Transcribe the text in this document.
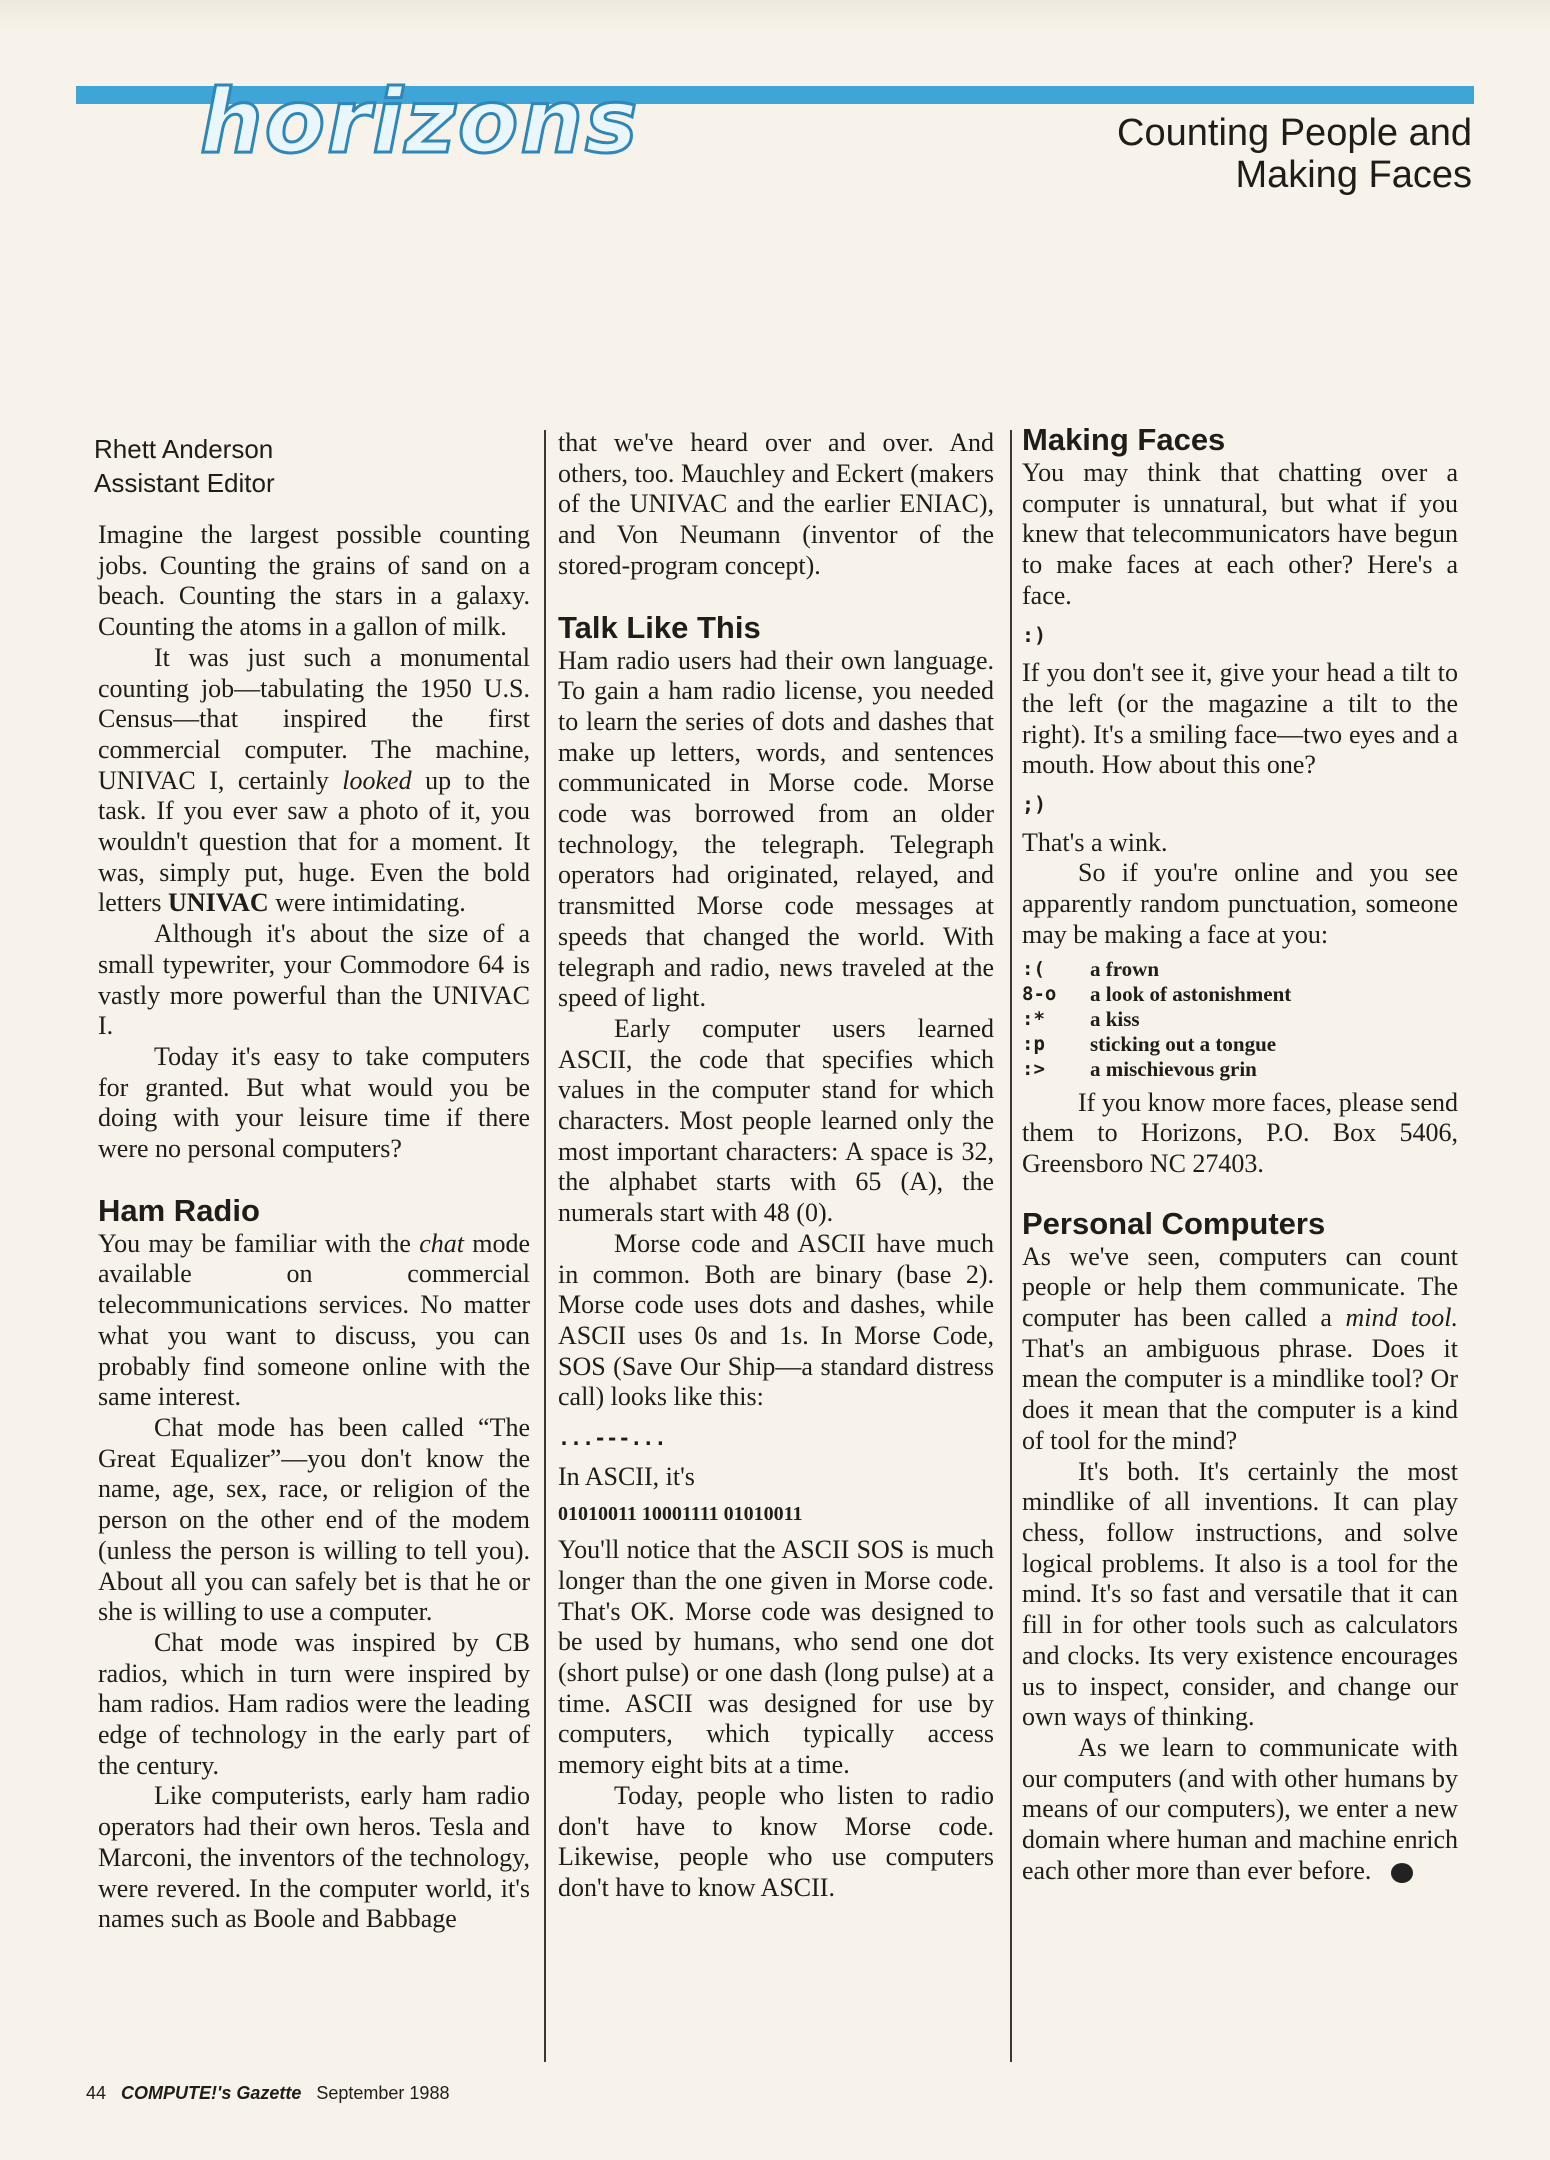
horizons	Counting People and
Making Faces
Rhett Anderson
Assistant Editor

Imagine the largest possible counting jobs. Counting the grains of sand on a beach. Counting the stars in a galaxy. Counting the atoms in a gallon of milk.

It was just such a monumental counting job—tabulating the 1950 U.S. Census—that inspired the first commercial computer. The machine, UNIVAC I, certainly looked up to the task. If you ever saw a photo of it, you wouldn't question that for a moment. It was, simply put, huge. Even the bold letters UNIVAC were intimidating.

Although it's about the size of a small typewriter, your Commodore 64 is vastly more powerful than the UNIVAC I.

Today it's easy to take computers for granted. But what would you be doing with your leisure time if there were no personal computers?

Ham Radio

You may be familiar with the chat mode available on commercial telecommunications services. No matter what you want to discuss, you can probably find someone online with the same interest.

Chat mode has been called “The Great Equalizer”—you don't know the name, age, sex, race, or religion of the person on the other end of the modem (unless the person is willing to tell you). About all you can safely bet is that he or she is willing to use a computer.

Chat mode was inspired by CB radios, which in turn were inspired by ham radios. Ham radios were the leading edge of technology in the early part of the century.

Like computerists, early ham radio operators had their own heros. Tesla and Marconi, the inventors of the technology, were revered. In the computer world, it's names such as Boole and Babbage

that we've heard over and over. And others, too. Mauchley and Eckert (makers of the UNIVAC and the earlier ENIAC), and Von Neumann (inventor of the stored-program concept).

Talk Like This

Ham radio users had their own language. To gain a ham radio license, you needed to learn the series of dots and dashes that make up letters, words, and sentences communicated in Morse code. Morse code was borrowed from an older technology, the telegraph. Telegraph operators had originated, relayed, and transmitted Morse code messages at speeds that changed the world. With telegraph and radio, news traveled at the speed of light.

Early computer users learned ASCII, the code that specifies which values in the computer stand for which characters. Most people learned only the most important characters: A space is 32, the alphabet starts with 65 (A), the numerals start with 48 (0).

Morse code and ASCII have much in common. Both are binary (base 2). Morse code uses dots and dashes, while ASCII uses 0s and 1s. In Morse Code, SOS (Save Our Ship—a standard distress call) looks like this:

...---...

In ASCII, it's

01010011 10001111 01010011

You'll notice that the ASCII SOS is much longer than the one given in Morse code. That's OK. Morse code was designed to be used by humans, who send one dot (short pulse) or one dash (long pulse) at a time. ASCII was designed for use by computers, which typically access memory eight bits at a time.

Today, people who listen to radio don't have to know Morse code. Likewise, people who use computers don't have to know ASCII.

Making Faces

You may think that chatting over a computer is unnatural, but what if you knew that telecommunicators have begun to make faces at each other? Here's a face.

:)

If you don't see it, give your head a tilt to the left (or the magazine a tilt to the right). It's a smiling face—two eyes and a mouth. How about this one?

;)

That's a wink.

So if you're online and you see apparently random punctuation, someone may be making a face at you:

:(	a frown
8-o	a look of astonishment
:*	a kiss
:p	sticking out a tongue
:>	a mischievous grin

If you know more faces, please send them to Horizons, P.O. Box 5406, Greensboro NC 27403.

Personal Computers

As we've seen, computers can count people or help them communicate. The computer has been called a mind tool. That's an ambiguous phrase. Does it mean the computer is a mindlike tool? Or does it mean that the computer is a kind of tool for the mind?

It's both. It's certainly the most mindlike of all inventions. It can play chess, follow instructions, and solve logical problems. It also is a tool for the mind. It's so fast and versatile that it can fill in for other tools such as calculators and clocks. Its very existence encourages us to inspect, consider, and change our own ways of thinking.

As we learn to communicate with our computers (and with other humans by means of our computers), we enter a new domain where human and machine enrich each other more than ever before.

44 COMPUTE!'s Gazette September 1988
